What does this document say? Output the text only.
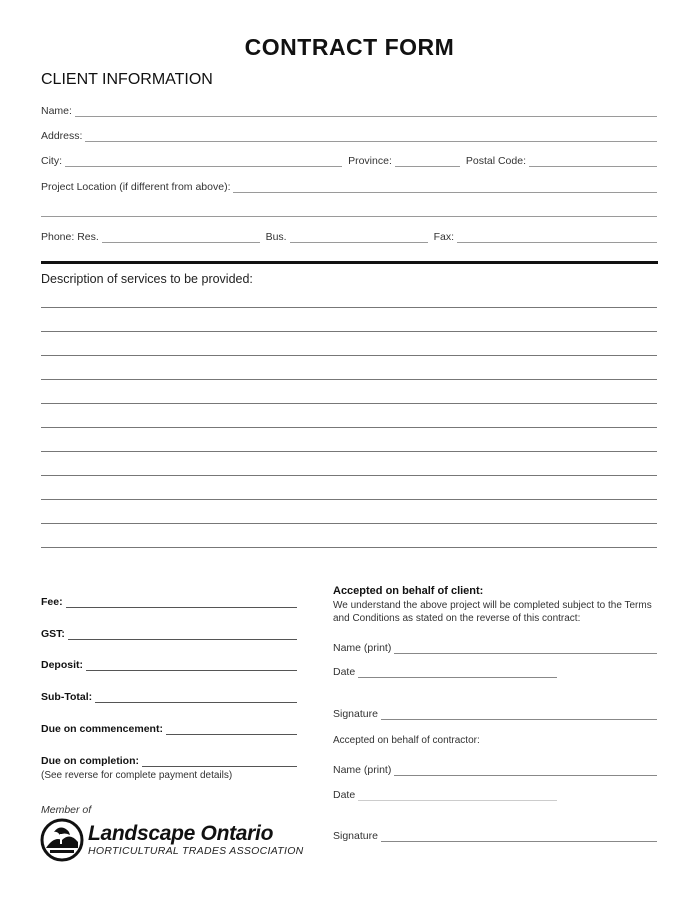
CONTRACT FORM
CLIENT INFORMATION
Name:
Address:
City:	Province:	Postal Code:
Project Location (if different from above):
Phone: Res.	Bus.	Fax:
Description of services to be provided:
Fee:
GST:
Deposit:
Sub-Total:
Due on commencement:
Due on completion:
(See reverse for complete payment details)
Accepted on behalf of client:
We understand the above project will be completed subject to the Terms and Conditions as stated on the reverse of this contract:
Name (print)
Date
Signature
Accepted on behalf of contractor:
Name (print)
Date
Signature
Member of
Landscape Ontario
HORTICULTURAL TRADES ASSOCIATION
